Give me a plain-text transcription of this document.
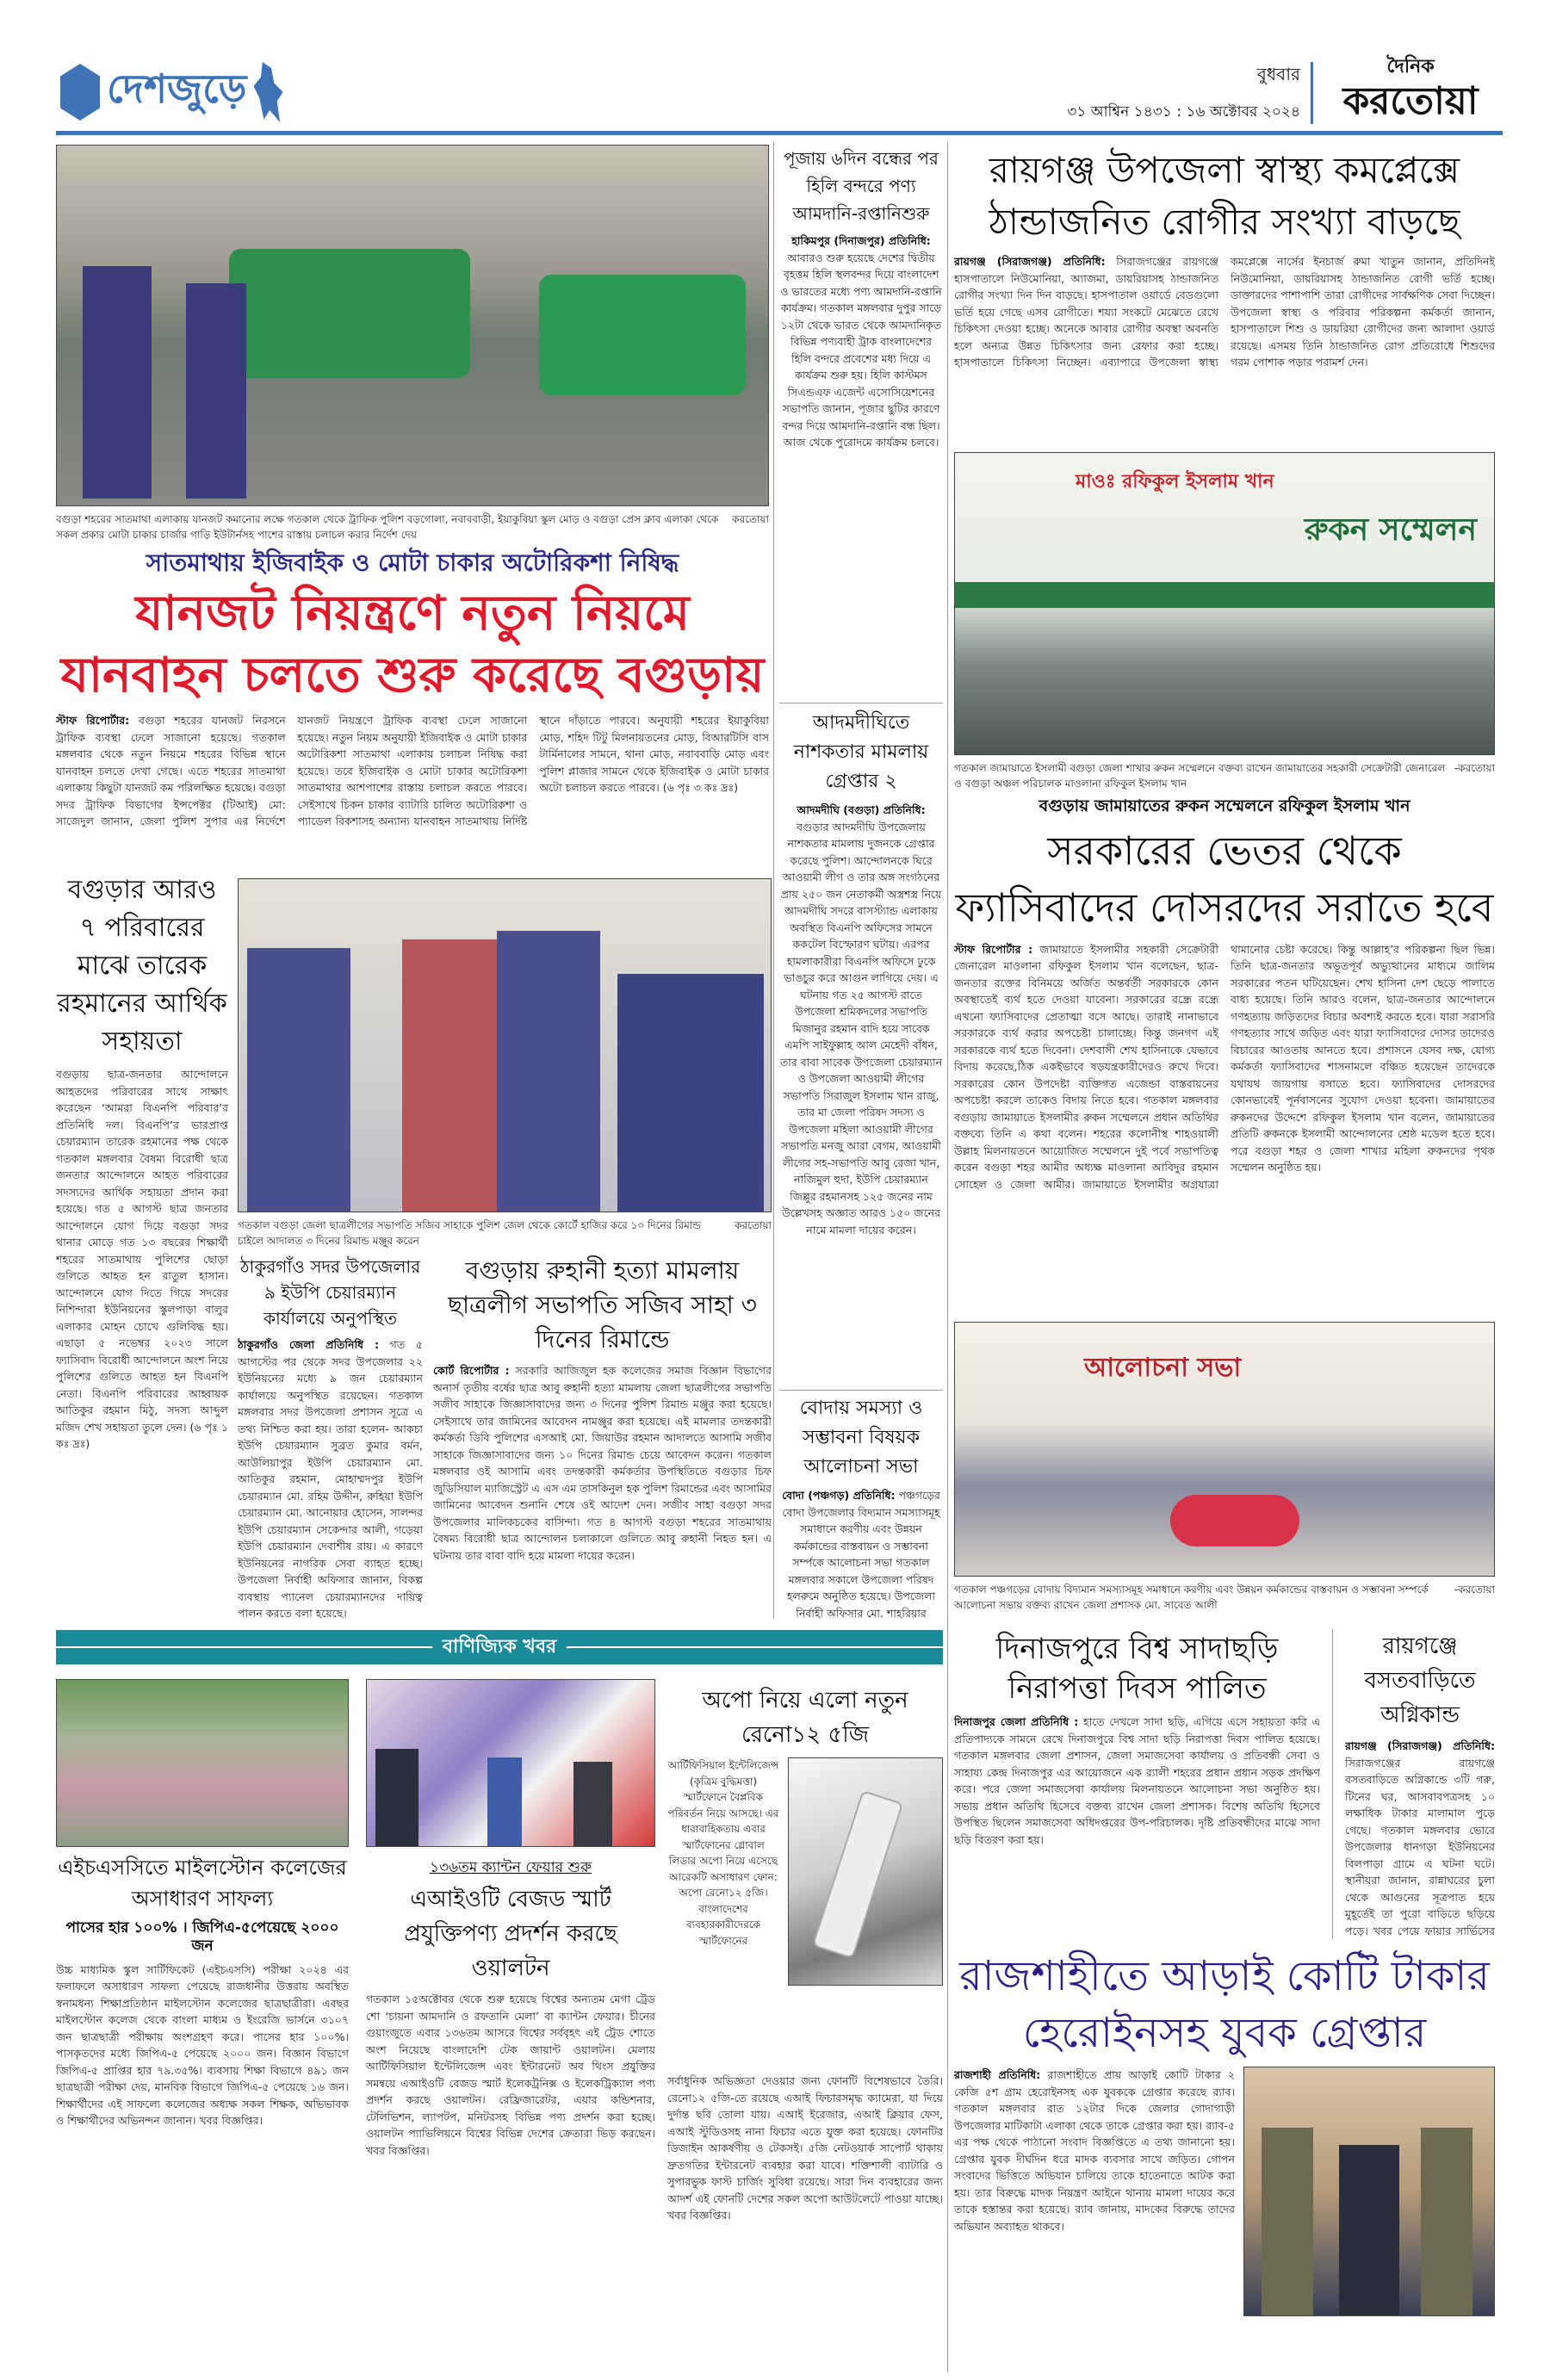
দেশজুড়ে	বুধবার
৩১ আশ্বিন ১৪৩১ : ১৬ অক্টোবর ২০২৪
দৈনিক
করতোয়া
করতোয়া
বগুড়া শহরের সাতমাথা এলাকায় যানজট কমানোর লক্ষে গতকাল থেকে ট্রাফিক পুলিশ বড়গোলা, নবাববাড়ী, ইয়াকুবিয়া স্কুল মোড় ও বগুড়া প্রেস ক্লাব এলাকা থেকে সকল প্রকার মোটা চাকার চার্জার গাড়ি ইউটার্নসহ পাশের রাস্তায় চলাচল করার নির্দেশ দেয়
সাতমাথায় ইজিবাইক ও মোটা চাকার অটোরিকশা নিষিদ্ধ
যানজট নিয়ন্ত্রণে নতুন নিয়মে যানবাহন চলতে শুরু করেছে বগুড়ায়
স্টাফ রিপোর্টার: বগুড়া শহরের যানজট নিরসনে ট্রাফিক ব্যবস্থা ঢেলে সাজানো হয়েছে। গতকাল মঙ্গলবার থেকে নতুন নিয়মে শহরের বিভিন্ন স্থানে যানবাহন চলতে দেখা গেছে। এতে শহরের সাতমাথা এলাকায় কিছুটা যানজট কম পরিলক্ষিত হয়েছে। বগুড়া সদর ট্রাফিক বিভাগের ইন্সপেক্টর (টিআই) মো: সাজেদুল জানান, জেলা পুলিশ সুপার এর নির্দেশে যানজট নিয়ন্ত্রণে ট্রাফিক ব্যবস্থা ঢেলে সাজানো হয়েছে। নতুন নিয়ম অনুযায়ী ইজিবাইক ও মোটা চাকার অটোরিকশা সাতমাথা এলাকায় চলাচল নিষিদ্ধ করা হয়েছে। তবে ইজিবাইক ও মোটা চাকার অটোরিকশা সাতমাথার আশপাশের রাস্তায় চলাচল করতে পারবে। সেইসাথে চিকন চাকার ব্যাটারি চালিত অটোরিকশা ও প্যাডেল রিকশাসহ অন্যান্য যানবাহন সাতমাথায় নির্দিষ্ট স্থানে দাঁড়াতে পারবে। অনুযায়ী শহরের ইয়াকুবিয়া মোড়, শহিদ টিটু মিলনায়তনের মোড়, বিআরটিসি বাস টার্মিনালের সামনে, থানা মোড়, নবাববাড়ি মোড় এবং পুলিশ প্লাজার সামনে থেকে ইজিবাইক ও মোটা চাকার অটো চলাচল করতে পারবে। (৬ পৃঃ ৩ কঃ দ্রঃ)
বগুড়ার আরও ৭ পরিবারের মাঝে তারেক রহমানের আর্থিক সহায়তা
বগুড়ায় ছাত্র-জনতার আন্দোলনে আহতদের পরিবারের সাথে সাক্ষাৎ করেছেন ‘আমরা বিএনপি পরিবার’র প্রতিনিধি দল। বিএনপি’র ভারপ্রাপ্ত চেয়ারম্যান তারেক রহমানের পক্ষ থেকে গতকাল মঙ্গলবার বৈষম্য বিরোধী ছাত্র জনতার আন্দোলনে আহত পরিবারের সদস্যদের আর্থিক সহায়তা প্রদান করা হয়েছে। গত ৫ আগস্ট ছাত্র জনতার আন্দোলনে যোগ দিয়ে বগুড়া সদর থানার মোড়ে গত ১৩ বছরের শিক্ষার্থী শহরের সাতমাথায় পুলিশের ছোড়া গুলিতে আহত হন রাতুল হাসান। আন্দোলনে যোগ দিতে গিয়ে সদরের নিশিন্দারা ইউনিয়নের স্কুলপাড়া বালুর এলাকার মোহন চোখে গুলিবিদ্ধ হয়। এছাড়া ৫ নভেম্বর ২০২৩ সালে ফ্যাসিবাদ বিরোধী আন্দোলনে অংশ নিয়ে পুলিশের গুলিতে আহত হন বিএনপি নেতা। বিএনপি পরিবারের আহ্বায়ক আতিকুর রহমান মিঠু, সদস্য আব্দুল মজিদ শেখ সহায়তা তুলে দেন। (৬ পৃঃ ১ কঃ দ্রঃ)
করতোয়া
গতকাল বগুড়া জেলা ছাত্রলীগের সভাপতি সজিব সাহাকে পুলিশ জেল থেকে কোর্টে হাজির করে ১০ দিনের রিমান্ড চাইলে আদালত ৩ দিনের রিমান্ড মঞ্জুর করেন
ঠাকুরগাঁও সদর উপজেলার ৯ ইউপি চেয়ারম্যান কার্যালয়ে অনুপস্থিত
ঠাকুরগাঁও জেলা প্রতিনিধি : গত ৫ আগস্টের পর থেকে সদর উপজেলার ২২ ইউনিয়নের মধ্যে ৯ জন চেয়ারম্যান কার্যালয়ে অনুপস্থিত রয়েছেন। গতকাল মঙ্গলবার সদর উপজেলা প্রশাসন সূত্রে এ তথ্য নিশ্চিত করা হয়। তারা হলেন- আকচা ইউপি চেয়ারম্যান সুব্রত কুমার বর্মন, আউলিয়াপুর ইউপি চেয়ারম্যান মো. আতিকুর রহমান, মোহাম্মদপুর ইউপি চেয়ারম্যান মো. রহিম উদ্দীন, রুহিয়া ইউপি চেয়ারম্যান মো. আনোয়ার হোসেন, সালন্দর ইউপি চেয়ারম্যান সেকেন্দার আলী, গড়েয়া ইউপি চেয়ারম্যান দেবাশীষ রায়। এ কারণে ইউনিয়নের নাগরিক সেবা ব্যাহত হচ্ছে। উপজেলা নির্বাহী অফিসার জানান, বিকল্প ব্যবস্থায় প্যানেল চেয়ারম্যানদের দায়িত্ব পালন করতে বলা হয়েছে।
বগুড়ায় রুহানী হত্যা মামলায় ছাত্রলীগ সভাপতি সজিব সাহা ৩ দিনের রিমান্ডে
কোর্ট রিপোর্টার : সরকারি আজিজুল হক কলেজের সমাজ বিজ্ঞান বিভাগের অনার্স তৃতীয় বর্ষের ছাত্র আবু রুহানী হত্যা মামলায় জেলা ছাত্রলীগের সভাপতি সজীব সাহাকে জিজ্ঞাসাবাদের জন্য ৩ দিনের পুলিশ রিমান্ড মঞ্জুর করা হয়েছে। সেইসাথে তার জামিনের আবেদন নামঞ্জুর করা হয়েছে। এই মামলার তদন্তকারী কর্মকর্তা ডিবি পুলিশের এসআই মো. জিয়াউর রহমান আদালতে আসামি সজীব সাহাকে জিজ্ঞাসাবাদের জন্য ১০ দিনের রিমান্ড চেয়ে আবেদন করেন। গতকাল মঙ্গলবার ওই আসামি এবং তদন্তকারী কর্মকর্তার উপস্থিতিতে বগুড়ার চিফ জুডিসিয়াল ম্যাজিস্ট্রেট এ এস এম তাসকিনুল হক পুলিশ রিমান্ডের এবং আসামির জামিনের আবেদন শুনানি শেষে ওই আদেশ দেন। সজীব সাহা বগুড়া সদর উপজেলার মালিকচকের বাসিন্দা। গত ৪ আগস্ট বগুড়া শহরের সাতমাথায় বৈষম্য বিরোধী ছাত্র আন্দোলন চলাকালে গুলিতে আবু রুহানী নিহত হন। এ ঘটনায় তার বাবা বাদি হয়ে মামলা দায়ের করেন।
পূজায় ৬দিন বন্ধের পর হিলি বন্দরে পণ্য আমদানি-রপ্তানিশুরু
হাকিমপুর (দিনাজপুর) প্রতিনিধি: আবারও শুরু হয়েছে দেশের দ্বিতীয় বৃহত্তম হিলি স্থলবন্দর দিয়ে বাংলাদেশ ও ভারতের মধ্যে পণ্য আমদানি-রপ্তানি কার্যক্রম। গতকাল মঙ্গলবার দুপুর সাড়ে ১২টা থেকে ভারত থেকে আমদানিকৃত বিভিন্ন পণ্যবাহী ট্রাক বাংলাদেশের হিলি বন্দরে প্রবেশের মধ্য দিয়ে এ কার্যক্রম শুরু হয়। হিলি কাস্টমস সিএন্ডএফ এজেন্ট এসোসিয়েশনের সভাপতি জানান, পূজার ছুটির কারণে বন্দর দিয়ে আমদানি-রপ্তানি বন্ধ ছিল। আজ থেকে পুরোদমে কার্যক্রম চলবে।
আদমদীঘিতে নাশকতার মামলায় গ্রেপ্তার ২
আদমদীঘি (বগুড়া) প্রতিনিধি: বগুড়ার আদমদীঘি উপজেলায় নাশকতার মামলায় দুজনকে গ্রেপ্তার করেছে পুলিশ। আন্দোলনকে ঘিরে আওয়ামী লীগ ও তার অঙ্গ সংগঠনের প্রায় ২৫০ জন নেতাকর্মী অস্ত্রশস্ত্র নিয়ে আদমদীঘি সদরে বাসস্ট্যান্ড এলাকায় অবস্থিত বিএনপি অফিসের সামনে ককটেল বিস্ফোরণ ঘটায়। এরপর হামলাকারীরা বিএনপি অফিসে ঢুকে ভাঙচুর করে আগুন লাগিয়ে দেয়। এ ঘটনায় গত ২৫ আগস্ট রাতে উপজেলা শ্রমিকদলের সভাপতি মিজানুর রহমান বাদি হয়ে সাবেক এমপি সাইফুল্লাহ আল মেহেদী বাঁধন, তার বাবা সাবেক উপজেলা চেয়ারম্যান ও উপজেলা আওয়ামী লীগের সভাপতি সিরাজুল ইসলাম খান রাজু, তার মা জেলা পরিষদ সদস্য ও উপজেলা মহিলা আওয়ামী লীগের সভাপতি মনজু আরা বেগম, আওয়ামী লীগের সহ-সভাপতি আবু রেজা খান, নাজিমুল হুদা, ইউপি চেয়ারম্যান জিল্লুর রহমানসহ ১২৫ জনের নাম উল্লেখসহ অজ্ঞাত আরও ১৫০ জনের নামে মামলা দায়ের করেন।
বোদায় সমস্যা ও সম্ভাবনা বিষয়ক আলোচনা সভা
বোদা (পঞ্চগড়) প্রতিনিধি: পঞ্চগড়ের বোদা উপজেলার বিদ্যমান সমস্যাসমূহ সমাধানে করণীয় এবং উন্নয়ন কর্মকান্ডের বাস্তবায়ন ও সম্ভাবনা সর্ম্পকে আলোচনা সভা গতকাল মঙ্গলবার সকালে উপজেলা পরিষদ হলরুমে অনুষ্ঠিত হয়েছে। উপজেলা নির্বাহী অফিসার মো. শাহরিয়ার
রায়গঞ্জ উপজেলা স্বাস্থ্য কমপ্লেক্সে ঠান্ডাজনিত রোগীর সংখ্যা বাড়ছে
রায়গঞ্জ (সিরাজগঞ্জ) প্রতিনিধি: সিরাজগঞ্জের রায়গঞ্জে হাসপাতালে নিউমোনিয়া, অ্যাজমা, ডায়রিয়াসহ ঠান্ডাজনিত রোগীর সংখ্যা দিন দিন বাড়ছে। হাসপাতাল ওয়ার্ডে বেডগুলো ভর্তি হয়ে গেছে এসব রোগীতে। শয্যা সংকটে মেঝেতে রেখে চিকিৎসা দেওয়া হচ্ছে। অনেকে আবার রোগীর অবস্থা অবনতি হলে অন্যত্র উন্নত চিকিৎসার জন্য রেফার করা হচ্ছে। হাসপাতালে চিকিৎসা নিচ্ছেন। এব্যাপারে উপজেলা স্বাস্থ্য কমপ্লেক্সে নার্সের ইনচার্জ রুমা খাতুন জানান, প্রতিদিনই নিউমোনিয়া, ডায়রিয়াসহ ঠান্ডাজনিত রোগী ভর্তি হচ্ছে। ডাক্তারদের পাশাপাশি তারা রোগীদের সার্বক্ষণিক সেবা দিচ্ছেন। উপজেলা স্বাস্থ্য ও পরিবার পরিকল্পনা কর্মকর্তা জানান, হাসপাতালে শিশু ও ডায়রিয়া রোগীদের জন্য আলাদা ওয়ার্ড রয়েছে। এসময় তিনি ঠান্ডাজনিত রোগ প্রতিরোধে শিশুদের গরম পোশাক পড়ার পরামর্শ দেন।
মাওঃ রফিকুল ইসলাম খান
রুকন সম্মেলন
-করতোয়া
গতকাল জামায়াতে ইসলামী বগুড়া জেলা শাখার রুকন সম্মেলনে বক্তব্য রাখেন জামায়াতের সহকারী সেক্রেটারী জেনারেল ও বগুড়া অঞ্চল পরিচালক মাওলানা রফিকুল ইসলাম খান
বগুড়ায় জামায়াতের রুকন সম্মেলনে রফিকুল ইসলাম খান
সরকারের ভেতর থেকে ফ্যাসিবাদের দোসরদের সরাতে হবে
স্টাফ রিপোর্টার : জামায়াতে ইসলামীর সহকারী সেক্রেটারী জেনারেল মাওলানা রফিকুল ইসলাম খান বলেছেন, ছাত্র-জনতার রক্তের বিনিময়ে অর্জিত অন্তর্বর্তী সরকারকে কোন অবস্থাতেই ব্যর্থ হতে দেওয়া যাবেনা। সরকারের রন্ধ্রে রন্ধ্রে এখনো ফ্যাসিবাদের প্রেতাত্মা বসে আছে। তারাই নানাভাবে সরকারকে ব্যর্থ করার অপচেষ্টা চালাচ্ছে। কিন্তু জনগণ এই সরকারকে ব্যর্থ হতে দিবেনা। দেশবাসী শেখ হাসিনাকে যেভাবে বিদায় করেছে,ঠিক একইভাবে ষড়যন্ত্রকারীদেরও রুখে দিবে। সরকারের কোন উপদেষ্টা ব্যক্তিগত এজেন্ডা বাস্তবায়নের অপচেষ্টা করলে তাকেও বিদায় নিতে হবে। গতকাল মঙ্গলবার বগুড়ায় জামায়াতে ইসলামীর রুকন সম্মেলনে প্রধান অতিথির বক্তব্যে তিনি এ কথা বলেন। শহরের কলোনীস্থ শাহওয়ালী উল্লাহ মিলনায়তনে আয়োজিত সম্মেলনে দুই পর্বে সভাপতিত্ব করেন বগুড়া শহর আমীর অধ্যক্ষ মাওলানা আবিদুর রহমান সোহেল ও জেলা আমীর। জামায়াতে ইসলামীর অগ্রযাত্রা থামানোর চেষ্টা করেছে। কিন্তু আল্লাহ’র পরিকল্পনা ছিল ভিন্ন। তিনি ছাত্র-জনতার অভূতপূর্ব অভ্যুত্থানের মাধ্যমে জালিম সরকারের পতন ঘটিয়েছেন। শেখ হাসিনা দেশ ছেড়ে পালাতে বাধ্য হয়েছে। তিনি আরও বলেন, ছাত্র-জনতার আন্দোলনে গণহত্যায় জড়িতদের বিচার অবশ্যই করতে হবে। যারা সরাসরি গণহত্যার সাথে জড়িত এবং যারা ফ্যাসিবাদের দোসর তাদেরও বিচারের আওতায় আনতে হবে। প্রশাসনে যেসব দক্ষ, যোগ্য কর্মকর্তা ফ্যাসিবাদের শাসনামলে বঞ্চিত হয়েছেন তাদেরকে যথাযথ জায়গায় বসাতে হবে। ফ্যাসিবাদের দোসরদের কোনভাবেই পূর্নবাসনের সুযোগ দেওয়া হবেনা। জামায়াতের রুকনদের উদ্দেশে রফিকুল ইসলাম খান বলেন, জামায়াতের প্রতিটি রুকনকে ইসলামী আন্দোলনের শ্রেষ্ঠ মডেল হতে হবে। পরে বগুড়া শহর ও জেলা শাখার মহিলা রুকনদের পৃথক সম্মেলন অনুষ্ঠিত হয়।
আলোচনা সভা
-করতোয়া
গতকাল পঞ্চগড়ের বোদায় বিদ্যমান সমস্যাসমূহ সমাধানে করণীয় এবং উন্নয়ন কর্মকান্ডের বাস্তবায়ন ও সম্ভাবনা সম্পর্কে আলোচনা সভায় বক্তব্য রাখেন জেলা প্রশাসক মো. সাবেত আলী
দিনাজপুরে বিশ্ব সাদাছড়ি নিরাপত্তা দিবস পালিত
দিনাজপুর জেলা প্রতিনিধি : হাতে দেখলে সাদা ছড়ি, এগিয়ে এসে সহায়তা করি এ প্রতিপাদ্যকে সামনে রেখে দিনাজপুরে বিশ্ব সাদা ছড়ি নিরাপত্তা দিবস পালিত হয়েছে। গতকাল মঙ্গলবার জেলা প্রশাসন, জেলা সমাজসেবা কার্যালয় ও প্রতিবন্ধী সেবা ও সাহায্য কেন্দ্র দিনাজপুর এর আয়োজনে এক র‌্যালী শহরের প্রধান প্রধান সড়ক প্রদক্ষিণ করে। পরে জেলা সমাজসেবা কার্যালয় মিলনায়তনে আলোচনা সভা অনুষ্ঠিত হয়। সভায় প্রধান অতিথি হিসেবে বক্তব্য রাখেন জেলা প্রশাসক। বিশেষ অতিথি হিসেবে উপস্থিত ছিলেন সমাজসেবা অধিদপ্তরের উপ-পরিচালক। দৃষ্টি প্রতিবন্ধীদের মাঝে সাদা ছড়ি বিতরণ করা হয়।
রায়গঞ্জে বসতবাড়িতে অগ্নিকান্ড
রায়গঞ্জ (সিরাজগঞ্জ) প্রতিনিধি: সিরাজগঞ্জের রায়গঞ্জে বসতবাড়িতে অগ্নিকান্ডে ৩টি গরু, টিনের ঘর, আসবাবপত্রসহ ১০ লক্ষাধিক টাকার মালামাল পুড়ে গেছে। গতকাল মঙ্গলবার ভোরে উপজেলার ধানগড়া ইউনিয়নের বিলপাড়া গ্রামে এ ঘটনা ঘটে। স্থানীয়রা জানান, রান্নাঘরের চুলা থেকে আগুনের সূত্রপাত হয়ে মুহূর্তেই তা পুরো বাড়িতে ছড়িয়ে পড়ে। খবর পেয়ে ফায়ার সার্ভিসের
রাজশাহীতে আড়াই কোটি টাকার হেরোইনসহ যুবক গ্রেপ্তার
রাজশাহী প্রতিনিধি: রাজশাহীতে প্রায় আড়াই কোটি টাকার ২ কেজি ৫শ গ্রাম হেরোইনসহ এক যুবককে গ্রেপ্তার করেছে র‌্যাব। গতকাল মঙ্গলবার রাত ১২টার দিকে জেলার গোদাগাড়ী উপজেলার মাটিকাটা এলাকা থেকে তাকে গ্রেপ্তার করা হয়। র‌্যাব-৫ এর পক্ষ থেকে পাঠানো সংবাদ বিজ্ঞপ্তিতে এ তথ্য জানানো হয়। গ্রেপ্তার যুবক দীর্ঘদিন ধরে মাদক ব্যবসার সাথে জড়িত। গোপন সংবাদের ভিত্তিতে অভিযান চালিয়ে তাকে হাতেনাতে আটক করা হয়। তার বিরুদ্ধে মাদক নিয়ন্ত্রণ আইনে থানায় মামলা দায়ের করে তাকে হস্তান্তর করা হয়েছে। র‌্যাব জানায়, মাদকের বিরুদ্ধে তাদের অভিযান অব্যাহত থাকবে।
বাণিজ্যিক খবর
এইচএসসিতে মাইলস্টোন কলেজের অসাধারণ সাফল্য
পাসের হার ১০০% । জিপিএ-৫পেয়েছে ২০০০ জন
উচ্চ মাধ্যমিক স্কুল সার্টিফিকেট (এইচএসসি) পরীক্ষা ২০২৪ এর ফলাফলে অসাধারণ সাফল্য পেয়েছে রাজধানীর উত্তরায় অবস্থিত স্বনামধন্য শিক্ষাপ্রতিষ্ঠান মাইলস্টোন কলেজের ছাত্রছাত্রীরা। এবছর মাইলস্টোন কলেজ থেকে বাংলা মাধ্যম ও ইংরেজি ভার্সনে ৩১০৭ জন ছাত্রছাত্রী পরীক্ষায় অংশগ্রহণ করে। পাসের হার ১০০%। পাসকৃতদের মধ্যে জিপিএ-৫ পেয়েছে ২০০০ জন। বিজ্ঞান বিভাগে জিপিএ-৫ প্রাপ্তির হার ৭৯.৩৫%। ব্যবসায় শিক্ষা বিভাগে ৪৯১ জন ছাত্রছাত্রী পরীক্ষা দেয়, মানবিক বিভাগে জিপিএ-৫ পেয়েছে ১৬ জন। শিক্ষার্থীদের এই সাফল্যে কলেজের অধ্যক্ষ সকল শিক্ষক, অভিভাবক ও শিক্ষার্থীদের অভিনন্দন জানান। খবর বিজ্ঞপ্তির।
১৩৬তম ক্যান্টন ফেয়ার শুরু
এআইওটি বেজড স্মার্ট প্রযুক্তিপণ্য প্রদর্শন করছে ওয়ালটন
গতকাল ১৫অক্টোবর থেকে শুরু হয়েছে বিশ্বের অন্যতম মেগা ট্রেড শো ‘চায়না আমদানি ও রফতানি মেলা’ বা ক্যান্টন ফেয়ার। চীনের গুয়াংজুতে এবার ১৩৬তম আসরে বিশ্বের সর্ববৃহৎ এই ট্রেড শোতে অংশ নিয়েছে বাংলাদেশি টেক জায়ান্ট ওয়ালটন। মেলায় আর্টিফিসিয়াল ইন্টেলিজেন্স এবং ইন্টারনেট অব থিংস প্রযুক্তির সমন্বয়ে এআইওটি বেজড স্মার্ট ইলেকট্রনিক্স ও ইলেকট্রিক্যাল পণ্য প্রদর্শন করছে ওয়ালটন। রেফ্রিজারেটর, এয়ার কন্ডিশনার, টেলিভিশন, ল্যাপটপ, মনিটরসহ বিভিন্ন পণ্য প্রদর্শন করা হচ্ছে। ওয়ালটন প্যাভিলিয়নে বিশ্বের বিভিন্ন দেশের ক্রেতারা ভিড় করছেন। খবর বিজ্ঞপ্তির।
অপো নিয়ে এলো নতুন রেনো১২ ৫জি
আর্টিফিসিয়াল ইন্টেলিজেন্স (কৃত্রিম বুদ্ধিমত্তা) স্মার্টফোনে বৈপ্লবিক পরিবর্তন নিয়ে আসছে। এর ধারাবাহিকতায় এবার স্মার্টফোনের গ্লোবাল লিডার অপো নিয়ে এসেছে আরেকটি অসাধারণ ফোন: অপো রেনো১২ ৫জি। বাংলাদেশের ব্যবহারকারীদেরকে স্মার্টফোনের
সর্বাধুনিক অভিজ্ঞতা দেওয়ার জন্য ফোনটি বিশেষভাবে তৈরি। রেনো১২ ৫জি-তে রয়েছে এআই ফিচারসমৃদ্ধ ক্যামেরা, যা দিয়ে দুর্দান্ত ছবি তোলা যায়। এআই ইরেজার, এআই ক্লিয়ার ফেস, এআই স্টুডিওসহ নানা ফিচার এতে যুক্ত করা হয়েছে। ফোনটির ডিজাইন আকর্ষণীয় ও টেকসই। ৫জি নেটওয়ার্ক সাপোর্ট থাকায় দ্রুতগতির ইন্টারনেট ব্যবহার করা যাবে। শক্তিশালী ব্যাটারি ও সুপারভুক ফাস্ট চার্জিং সুবিধা রয়েছে। সারা দিন ব্যবহারের জন্য আদর্শ এই ফোনটি দেশের সকল অপো আউটলেটে পাওয়া যাচ্ছে। খবর বিজ্ঞপ্তির।
